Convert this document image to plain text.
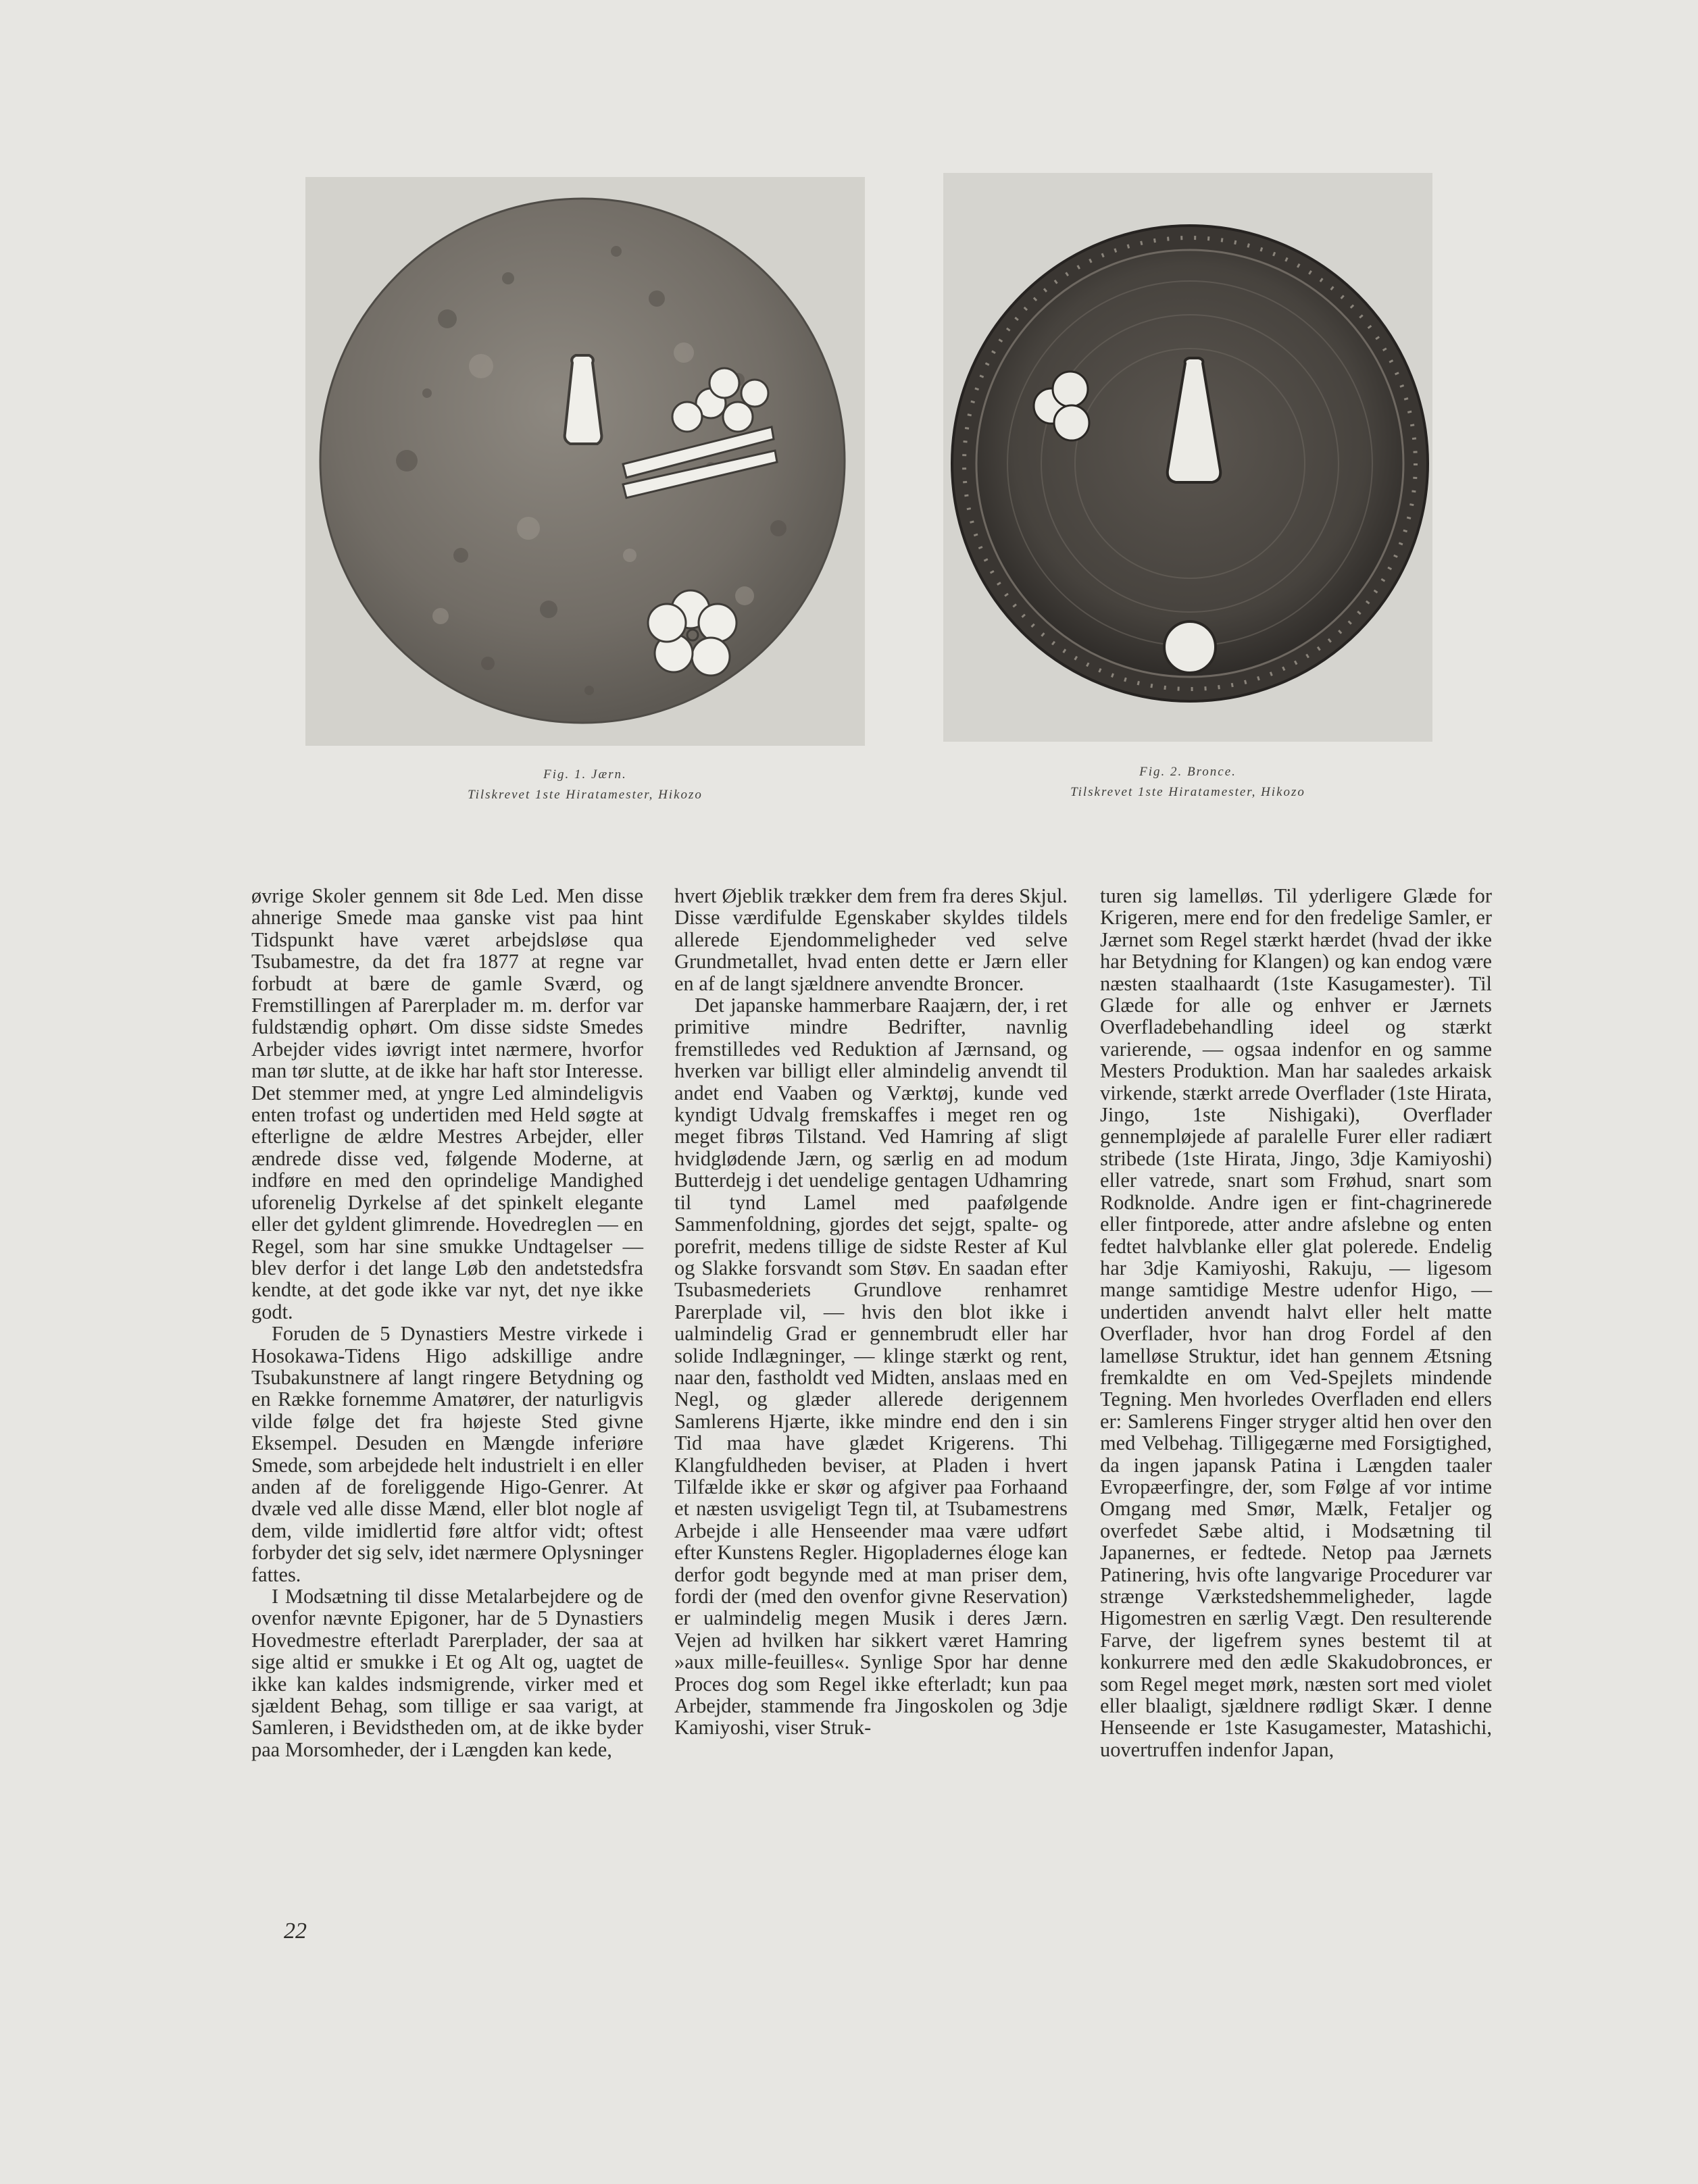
Fig. 1. Jærn.
Tilskrevet 1ste Hiratamester, Hikozo
Fig. 2. Bronce.
Tilskrevet 1ste Hiratamester, Hikozo

øvrige Skoler gennem sit 8de Led. Men disse ahnerige Smede maa ganske vist paa hint Tidspunkt have været arbejdsløse qua Tsubamestre, da det fra 1877 at regne var forbudt at bære de gamle Sværd, og Fremstillingen af Parerplader m. m. derfor var fuldstændig ophørt. Om disse sidste Smedes Arbejder vides iøvrigt intet nærmere, hvorfor man tør slutte, at de ikke har haft stor Interesse. Det stemmer med, at yngre Led almindeligvis enten trofast og undertiden med Held søgte at efterligne de ældre Mestres Arbejder, eller ændrede disse ved, følgende Moderne, at indføre en med den oprindelige Mandighed uforenelig Dyrkelse af det spinkelt elegante eller det gyldent glimrende. Hovedreglen — en Regel, som har sine smukke Undtagelser — blev derfor i det lange Løb den andetstedsfra kendte, at det gode ikke var nyt, det nye ikke godt.

Foruden de 5 Dynastiers Mestre virkede i Hosokawa-Tidens Higo adskillige andre Tsubakunstnere af langt ringere Betydning og en Række fornemme Amatører, der naturligvis vilde følge det fra højeste Sted givne Eksempel. Desuden en Mængde inferiøre Smede, som arbejdede helt industrielt i en eller anden af de foreliggende Higo-Genrer. At dvæle ved alle disse Mænd, eller blot nogle af dem, vilde imidlertid føre altfor vidt; oftest forbyder det sig selv, idet nærmere Oplysninger fattes.

I Modsætning til disse Metalarbejdere og de ovenfor nævnte Epigoner, har de 5 Dynastiers Hovedmestre efterladt Parerplader, der saa at sige altid er smukke i Et og Alt og, uagtet de ikke kan kaldes indsmigrende, virker med et sjældent Behag, som tillige er saa varigt, at Samleren, i Bevidstheden om, at de ikke byder paa Morsomheder, der i Længden kan kede,

hvert Øjeblik trækker dem frem fra deres Skjul. Disse værdifulde Egenskaber skyldes tildels allerede Ejendommeligheder ved selve Grundmetallet, hvad enten dette er Jærn eller en af de langt sjældnere anvendte Broncer.

Det japanske hammerbare Raajærn, der, i ret primitive mindre Bedrifter, navnlig fremstilledes ved Reduktion af Jærnsand, og hverken var billigt eller almindelig anvendt til andet end Vaaben og Værktøj, kunde ved kyndigt Udvalg fremskaffes i meget ren og meget fibrøs Tilstand. Ved Hamring af sligt hvidglødende Jærn, og særlig en ad modum Butterdejg i det uendelige gentagen Udhamring til tynd Lamel med paafølgende Sammenfoldning, gjordes det sejgt, spalte- og porefrit, medens tillige de sidste Rester af Kul og Slakke forsvandt som Støv. En saadan efter Tsubasmederiets Grundlove renhamret Parerplade vil, — hvis den blot ikke i ualmindelig Grad er gennembrudt eller har solide Indlægninger, — klinge stærkt og rent, naar den, fastholdt ved Midten, anslaas med en Negl, og glæder allerede derigennem Samlerens Hjærte, ikke mindre end den i sin Tid maa have glædet Krigerens. Thi Klangfuldheden beviser, at Pladen i hvert Tilfælde ikke er skør og afgiver paa Forhaand et næsten usvigeligt Tegn til, at Tsubamestrens Arbejde i alle Henseender maa være udført efter Kunstens Regler. Higopladernes éloge kan derfor godt begynde med at man priser dem, fordi der (med den ovenfor givne Reservation) er ualmindelig megen Musik i deres Jærn. Vejen ad hvilken har sikkert været Hamring »aux mille-feuilles«. Synlige Spor har denne Proces dog som Regel ikke efterladt; kun paa Arbejder, stammende fra Jingoskolen og 3dje Kamiyoshi, viser Struk-

turen sig lamelløs. Til yderligere Glæde for Krigeren, mere end for den fredelige Samler, er Jærnet som Regel stærkt hærdet (hvad der ikke har Betydning for Klangen) og kan endog være næsten staalhaardt (1ste Kasugamester). Til Glæde for alle og enhver er Jærnets Overfladebehandling ideel og stærkt varierende, — ogsaa indenfor en og samme Mesters Produktion. Man har saaledes arkaisk virkende, stærkt arrede Overflader (1ste Hirata, Jingo, 1ste Nishigaki), Overflader gennempløjede af paralelle Furer eller radiært stribede (1ste Hirata, Jingo, 3dje Kamiyoshi) eller vatrede, snart som Frøhud, snart som Rodknolde. Andre igen er fint-chagrinerede eller fintporede, atter andre afslebne og enten fedtet halvblanke eller glat polerede. Endelig har 3dje Kamiyoshi, Rakuju, — ligesom mange samtidige Mestre udenfor Higo, — undertiden anvendt halvt eller helt matte Overflader, hvor han drog Fordel af den lamelløse Struktur, idet han gennem Ætsning fremkaldte en om Ved-Spejlets mindende Tegning. Men hvorledes Overfladen end ellers er: Samlerens Finger stryger altid hen over den med Velbehag. Tilligegærne med Forsigtighed, da ingen japansk Patina i Længden taaler Evropæerfingre, der, som Følge af vor intime Omgang med Smør, Mælk, Fetaljer og overfedet Sæbe altid, i Modsætning til Japanernes, er fedtede. Netop paa Jærnets Patinering, hvis ofte langvarige Procedurer var strænge Værkstedshemmeligheder, lagde Higomestren en særlig Vægt. Den resulterende Farve, der ligefrem synes bestemt til at konkurrere med den ædle Skakudobronces, er som Regel meget mørk, næsten sort med violet eller blaaligt, sjældnere rødligt Skær. I denne Henseende er 1ste Kasugamester, Matashichi, uovertruffen indenfor Japan,

22
